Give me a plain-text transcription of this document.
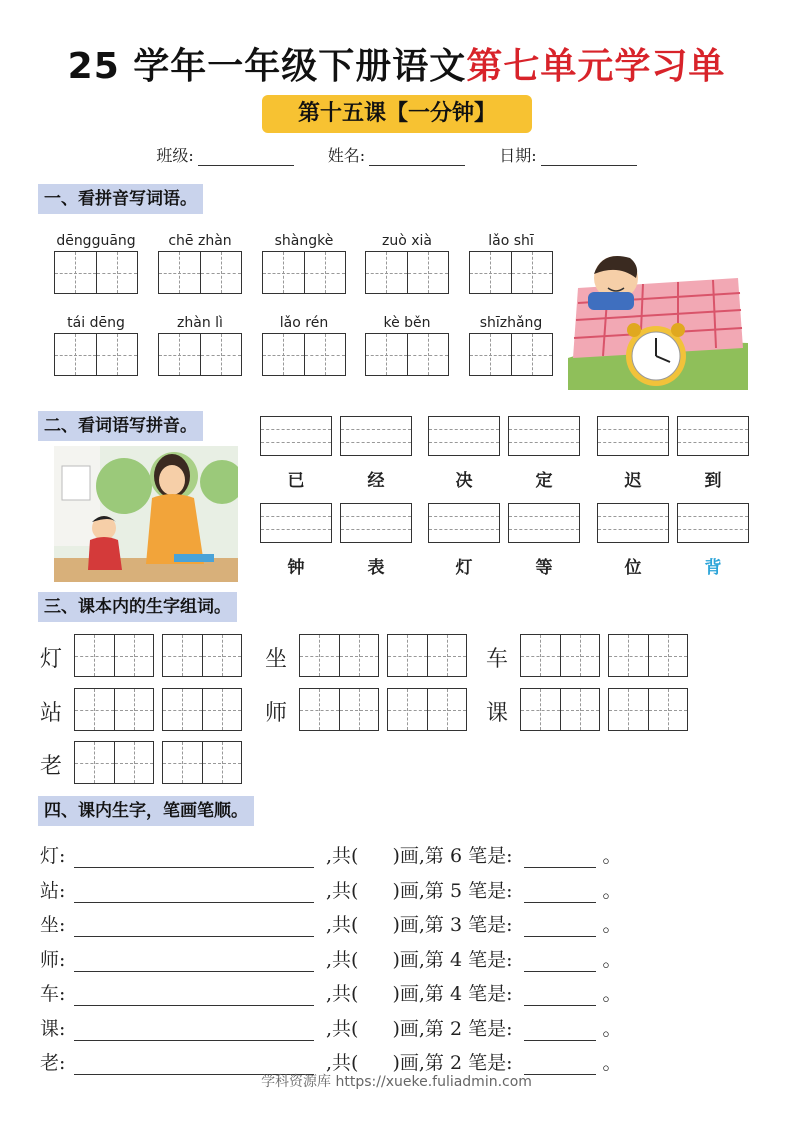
25 学年一年级下册语文第七单元学习单
第十五课【一分钟】
班级:	姓名:	日期:
一、看拼音写词语。
dēngguāng	chē zhàn	shàngkè	zuò xià	lǎo shī
tái dēng	zhàn lì	lǎo rén	kè běn	shīzhǎng
二、看词语写拼音。
已	经	决	定	迟	到
钟	表	灯	等	位	背
三、课本内的生字组词。
灯	坐	车
站	师	课
老
四、课内生字，笔画笔顺。
灯:	,共( )画,第 6 笔是:	。
站:	,共( )画,第 5 笔是:	。
坐:	,共( )画,第 3 笔是:	。
师:	,共( )画,第 4 笔是:	。
车:	,共( )画,第 4 笔是:	。
课:	,共( )画,第 2 笔是:	。
老:	,共( )画,第 2 笔是:	。
学科资源库 https://xueke.fuliadmin.com
